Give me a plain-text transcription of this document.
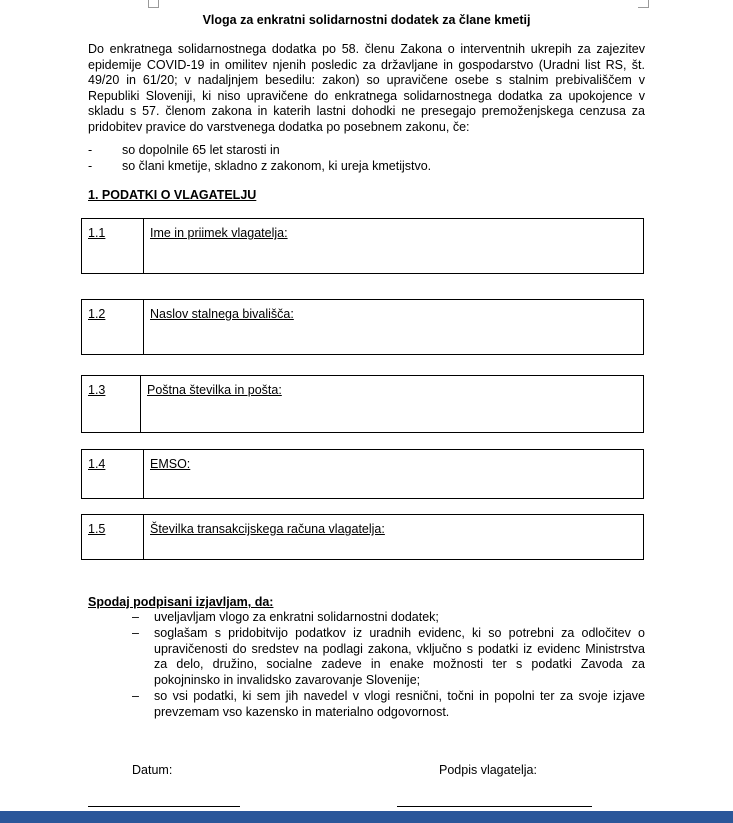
Vloga za enkratni solidarnostni dodatek za člane kmetij

Do enkratnega solidarnostnega dodatka po 58. členu Zakona o interventnih ukrepih za zajezitev epidemije COVID-19 in omilitev njenih posledic za državljane in gospodarstvo (Uradni list RS, št. 49/20 in 61/20; v nadaljnjem besedilu: zakon) so upravičene osebe s stalnim prebivališčem v Republiki Sloveniji, ki niso upravičene do enkratnega solidarnostnega dodatka za upokojence v skladu s 57. členom zakona in katerih lastni dohodki ne presegajo premoženjskega cenzusa za pridobitev pravice do varstvenega dodatka po posebnem zakonu, če:

- so dopolnile 65 let starosti in
- so člani kmetije, skladno z zakonom, ki ureja kmetijstvo.
1. PODATKI O VLAGATELJU
1.1	Ime in priimek vlagatelja:
1.2	Naslov stalnega bivališča:
1.3	Poštna številka in pošta:
1.4	EMSO:
1.5	Številka transakcijskega računa vlagatelja:
Spodaj podpisani izjavljam, da:
– uveljavljam vlogo za enkratni solidarnostni dodatek;
– soglašam s pridobitvijo podatkov iz uradnih evidenc, ki so potrebni za odločitev o upravičenosti do sredstev na podlagi zakona, vključno s podatki iz evidenc Ministrstva za delo, družino, socialne zadeve in enake možnosti ter s podatki Zavoda za pokojninsko in invalidsko zavarovanje Slovenije;
– so vsi podatki, ki sem jih navedel v vlogi resnični, točni in popolni ter za svoje izjave prevzemam vso kazensko in materialno odgovornost.
Datum:	Podpis vlagatelja:
